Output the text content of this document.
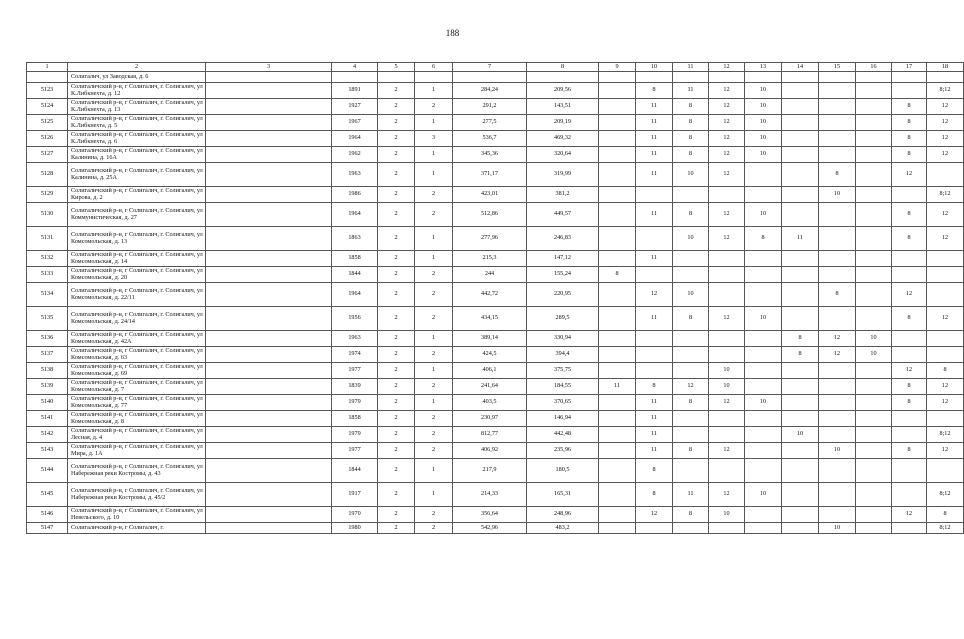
188
1	2	3	4	5	6	7	8	9	10	11	12	13	14	15	16	17	18
	Солигалич, ул Заводская, д. 6																
5123	Солигаличский р-н, г Солигалич, г. Солигалич, ул К.Либкнехта, д. 12		1891	2	1	284,24	209,56		8	11	12	10					8;12
5124	Солигаличский р-н, г Солигалич, г. Солигалич, ул К.Либкнехта, д. 13		1927	2	2	291,2	143,51		11	8	12	10				8	12
5125	Солигаличский р-н, г Солигалич, г. Солигалич, ул К.Либкнехта, д. 5		1967	2	1	277,5	209,19		11	8	12	10				8	12
5126	Солигаличский р-н, г Солигалич, г. Солигалич, ул К.Либкнехта, д. 6		1964	2	3	536,7	469,32		11	8	12	10				8	12
5127	Солигаличский р-н, г Солигалич, г. Солигалич, ул Калинина, д. 16А		1962	2	1	345,36	320,64		11	8	12	10				8	12
5128	Солигаличский р-н, г Солигалич, г. Солигалич, ул Калинина, д. 25А		1963	2	1	371,17	319,99		11	10	12			8		12	
5129	Солигаличский р-н, г Солигалич, г. Солигалич, ул Кирова, д. 2		1986	2	2	423,01	381,2							10			8;12
5130	Солигаличский р-н, г Солигалич, г. Солигалич, ул Коммунистическая, д. 27		1964	2	2	512,86	449,57		11	8	12	10				8	12
5131	Солигаличский р-н, г Солигалич, г. Солигалич, ул Комсомольская, д. 13		1863	2	1	277,96	246,83			10	12	8	11			8	12
5132	Солигаличский р-н, г Солигалич, г. Солигалич, ул Комсомольская, д. 14		1858	2	1	215,3	147,12		11								
5133	Солигаличский р-н, г Солигалич, г. Солигалич, ул Комсомольская, д. 20		1844	2	2	244	155,24	8									
5134	Солигаличский р-н, г Солигалич, г. Солигалич, ул Комсомольская, д. 22/11		1964	2	2	442,72	220,95		12	10				8		12	
5135	Солигаличский р-н, г Солигалич, г. Солигалич, ул Комсомольская, д. 24/14		1956	2	2	434,15	289,5		11	8	12	10				8	12
5136	Солигаличский р-н, г Солигалич, г. Солигалич, ул Комсомольская, д. 42А		1963	2	1	389,14	330,94						8	12	10		
5137	Солигаличский р-н, г Солигалич, г. Солигалич, ул Комсомольская, д. 63		1974	2	2	424,5	394,4						8	12	10		
5138	Солигаличский р-н, г Солигалич, г. Солигалич, ул Комсомольская, д. 69		1977	2	1	406,1	375,75				10					12	8
5139	Солигаличский р-н, г Солигалич, г. Солигалич, ул Комсомольская, д. 7		1839	2	2	241,64	184,55	11	8	12	10					8	12
5140	Солигаличский р-н, г Солигалич, г. Солигалич, ул Комсомольская, д. 77		1979	2	1	403,5	370,65		11	8	12	10				8	12
5141	Солигаличский р-н, г Солигалич, г. Солигалич, ул Комсомольская, д. 8		1858	2	2	230,97	146,94		11								
5142	Солигаличский р-н, г Солигалич, г. Солигалич, ул Лесная, д. 4		1979	2	2	812,77	442,48		11				10				8;12
5143	Солигаличский р-н, г Солигалич, г. Солигалич, ул Мира, д. 1А		1977	2	2	406,92	235,96		11	8	12			10		8	12
5144	Солигаличский р-н, г Солигалич, г. Солигалич, ул Набережная реки Костромы, д. 43		1844	2	1	217,9	180,5		8								
5145	Солигаличский р-н, г Солигалич, г. Солигалич, ул Набережная реки Костромы, д. 45/2		1917	2	1	214,33	165,31		8	11	12	10					8;12
5146	Солигаличский р-н, г Солигалич, г. Солигалич, ул Невельского, д. 10		1970	2	2	356,64	248,96		12	8	10					12	8
5147	Солигаличский р-н, г Солигалич, г.		1980	2	2	542,96	483,2							10			8;12
